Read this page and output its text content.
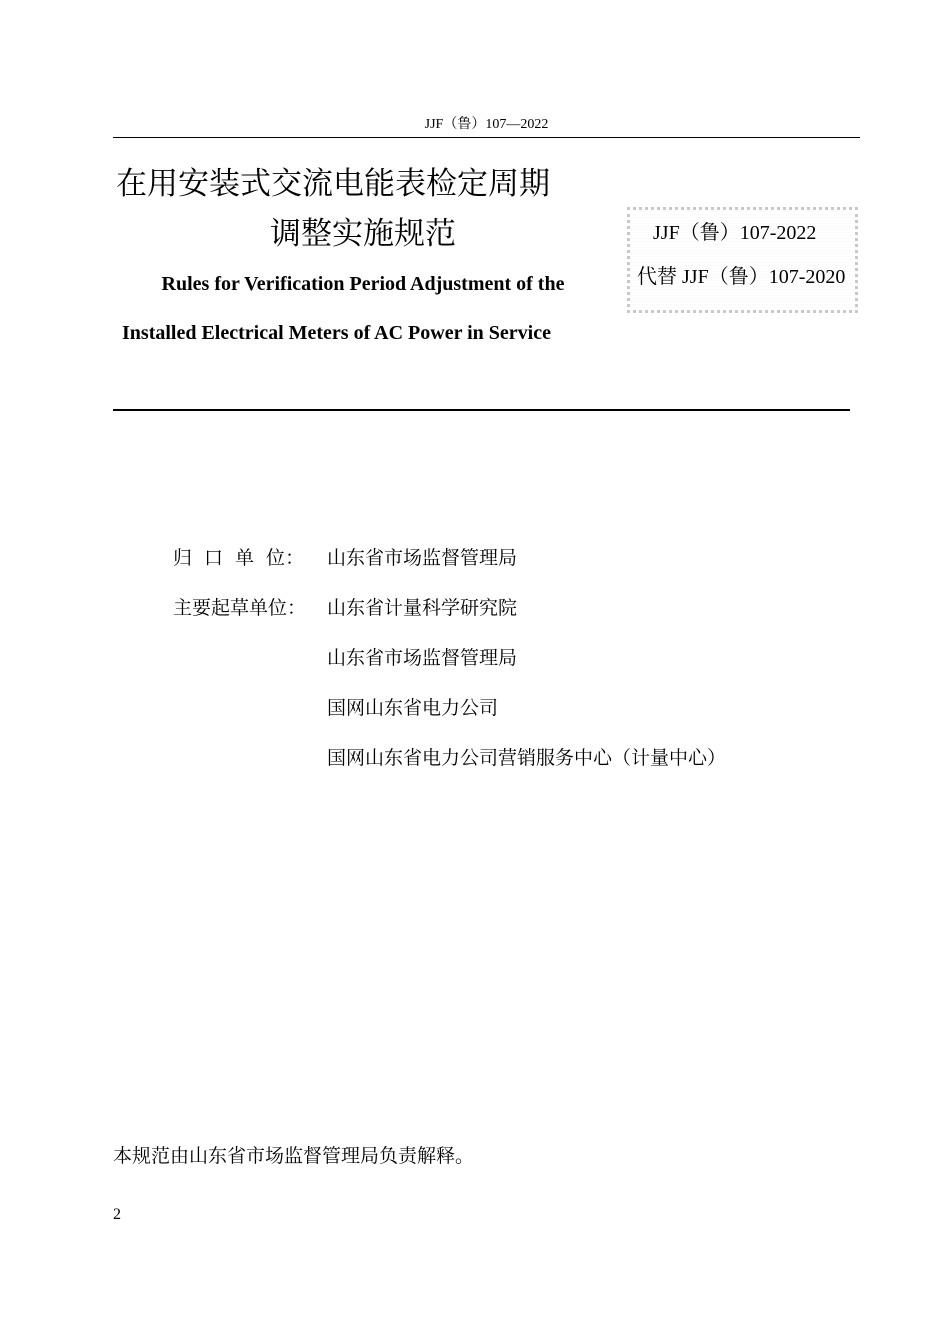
JJF（鲁）107—2022
在用安装式交流电能表检定周期
调整实施规范
Rules for Verification Period Adjustment of the
Installed Electrical Meters of AC Power in Service
JJF（鲁）107-2022
代替 JJF（鲁）107-2020
归口单位： 山东省市场监督管理局
主要起草单位： 山东省计量科学研究院
山东省市场监督管理局
国网山东省电力公司
国网山东省电力公司营销服务中心（计量中心）
本规范由山东省市场监督管理局负责解释。
2
